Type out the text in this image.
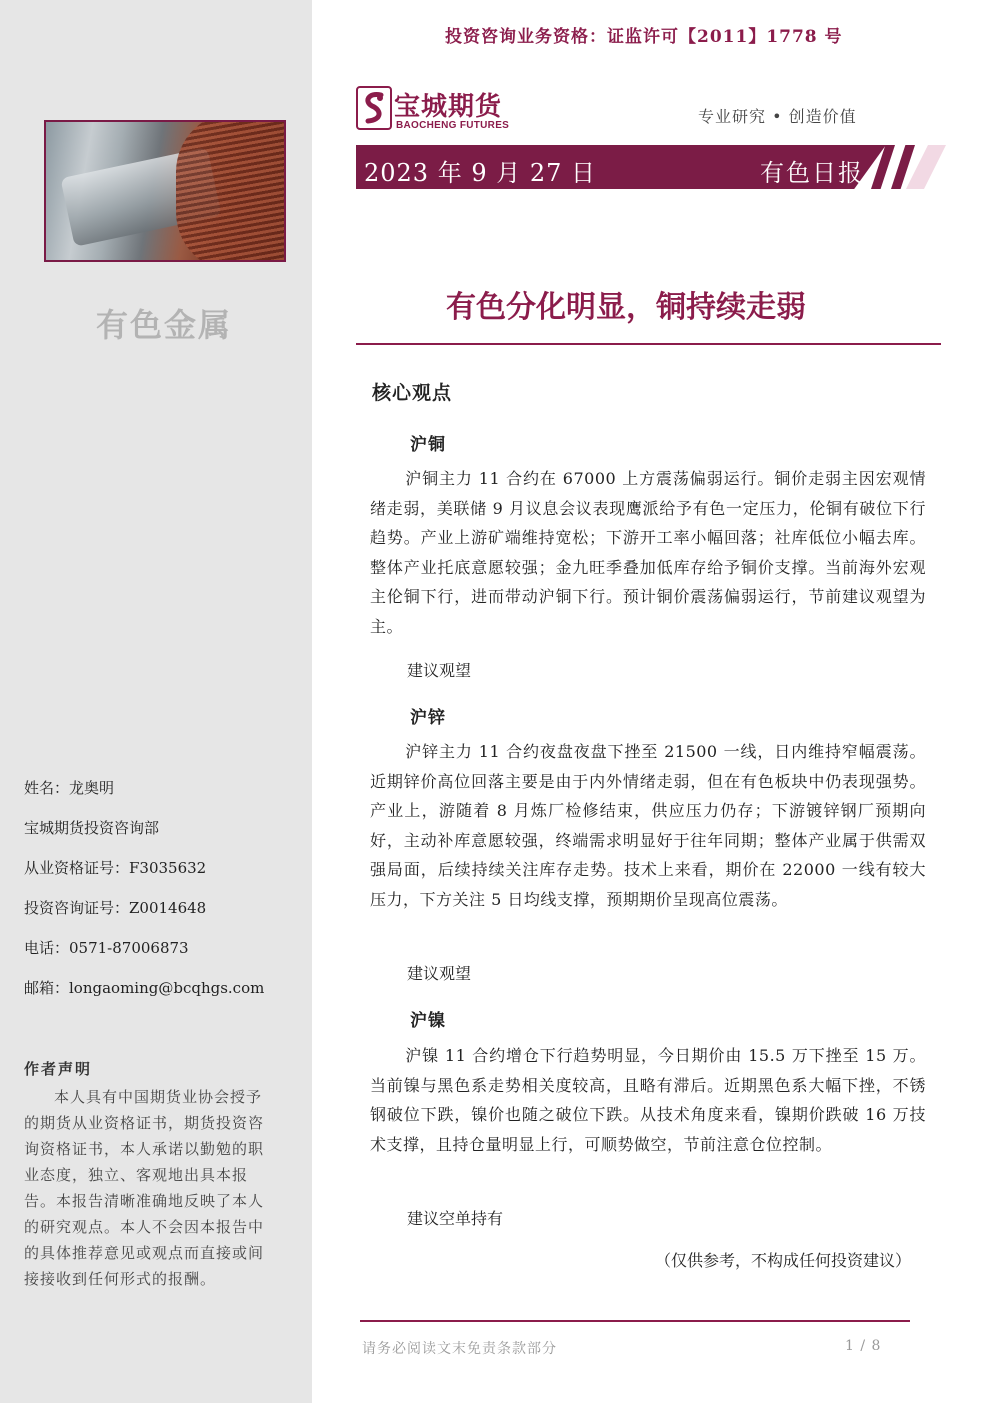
有色金属
姓名：龙奥明
宝城期货投资咨询部
从业资格证号：F3035632
投资咨询证号：Z0014648
电话：0571-87006873
邮箱：longaoming@bcqhgs.com
作者声明
本人具有中国期货业协会授予的期货从业资格证书，期货投资咨询资格证书，本人承诺以勤勉的职业态度，独立、客观地出具本报告。本报告清晰准确地反映了本人的研究观点。本人不会因本报告中的具体推荐意见或观点而直接或间接接收到任何形式的报酬。
投资咨询业务资格：证监许可【2011】1778 号
宝城期货
BAOCHENG FUTURES	专业研究 • 创造价值
2023 年 9 月 27 日	有色日报
有色分化明显，铜持续走弱
核心观点
沪铜
沪铜主力 11 合约在 67000 上方震荡偏弱运行。铜价走弱主因宏观情绪走弱，美联储 9 月议息会议表现鹰派给予有色一定压力，伦铜有破位下行趋势。产业上游矿端维持宽松；下游开工率小幅回落；社库低位小幅去库。整体产业托底意愿较强；金九旺季叠加低库存给予铜价支撑。当前海外宏观主伦铜下行，进而带动沪铜下行。预计铜价震荡偏弱运行，节前建议观望为主。
建议观望
沪锌
沪锌主力 11 合约夜盘夜盘下挫至 21500 一线，日内维持窄幅震荡。近期锌价高位回落主要是由于内外情绪走弱，但在有色板块中仍表现强势。产业上，游随着 8 月炼厂检修结束，供应压力仍存；下游镀锌钢厂预期向好，主动补库意愿较强，终端需求明显好于往年同期；整体产业属于供需双强局面，后续持续关注库存走势。技术上来看，期价在 22000 一线有较大压力，下方关注 5 日均线支撑，预期期价呈现高位震荡。
建议观望
沪镍
沪镍 11 合约增仓下行趋势明显，今日期价由 15.5 万下挫至 15 万。当前镍与黑色系走势相关度较高，且略有滞后。近期黑色系大幅下挫，不锈钢破位下跌，镍价也随之破位下跌。从技术角度来看，镍期价跌破 16 万技术支撑，且持仓量明显上行，可顺势做空，节前注意仓位控制。
建议空单持有
（仅供参考，不构成任何投资建议）
请务必阅读文末免责条款部分	1 / 8
